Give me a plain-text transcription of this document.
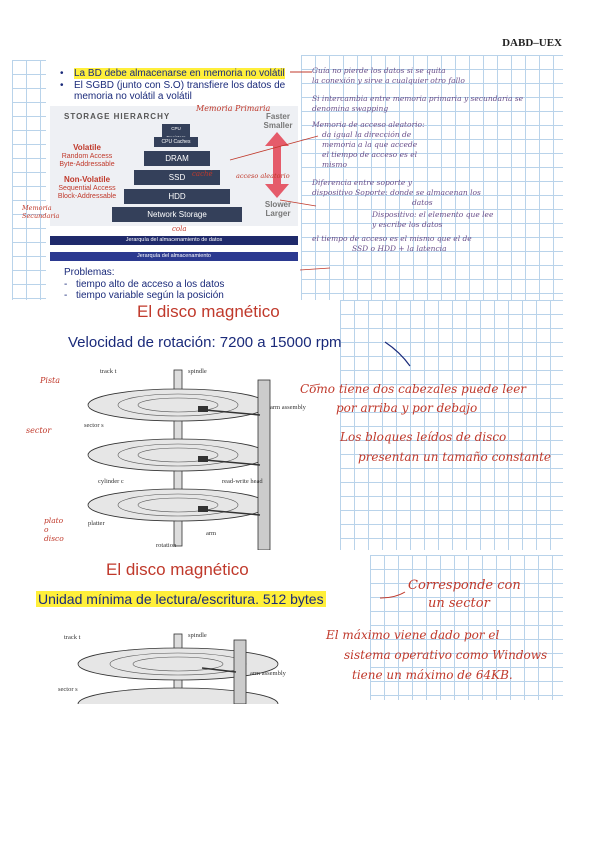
DABD–UEX
• La BD debe almacenarse en memoria no volátil
• El SGBD (junto con S.O) transfiere los datos de memoria no volátil a volátil
STORAGE HIERARCHY
CPU
CPU Caches
DRAM
SSD
HDD
Network Storage
Volatile
Random Access
Byte-Addressable
Non-Volatile
Sequential Access
Block-Addressable
Faster
Smaller
Slower
Larger
Jerarquía del almacenamiento de datos
Jerarquía del almacenamiento
Problemas:
- tiempo alto de acceso a los datos
- tiempo variable según la posición
Memoria Primaria
Memoria Secundaria
caché	acceso aleatorio
cola
Guía no pierde los datos si se quita
la conexión y sirve a cualquier otro fallo
Si intercambia entre memoria primaria y secundaria se
denomina swapping
Memoria de acceso aleatorio:
da igual la dirección de
memoria a la que accede
el tiempo de acceso es el
mismo
Diferencia entre soporte y
dispositivo Soporte: donde se almacenan los
datos
Dispositivo: el elemento que lee
y escribe los datos
el tiempo de acceso es el mismo que el de
SSD o HDD + la latencia
El disco magnético
Velocidad de rotación: 7200 a 15000 rpm
track t	spindle
arm assembly
sector s
cylinder c	read-write head
platter
arm
rotation
Pista
sector
plato o disco
Como tiene dos cabezales puede leer
por arriba y por debajo
Los bloques leídos de disco
presentan un tamaño constante
El disco magnético
Unidad mínima de lectura/escritura. 512 bytes
track t	spindle
arm assembly
sector s
Corresponde con
un sector
El máximo viene dado por el
sistema operativo como Windows
tiene un máximo de 64KB.
